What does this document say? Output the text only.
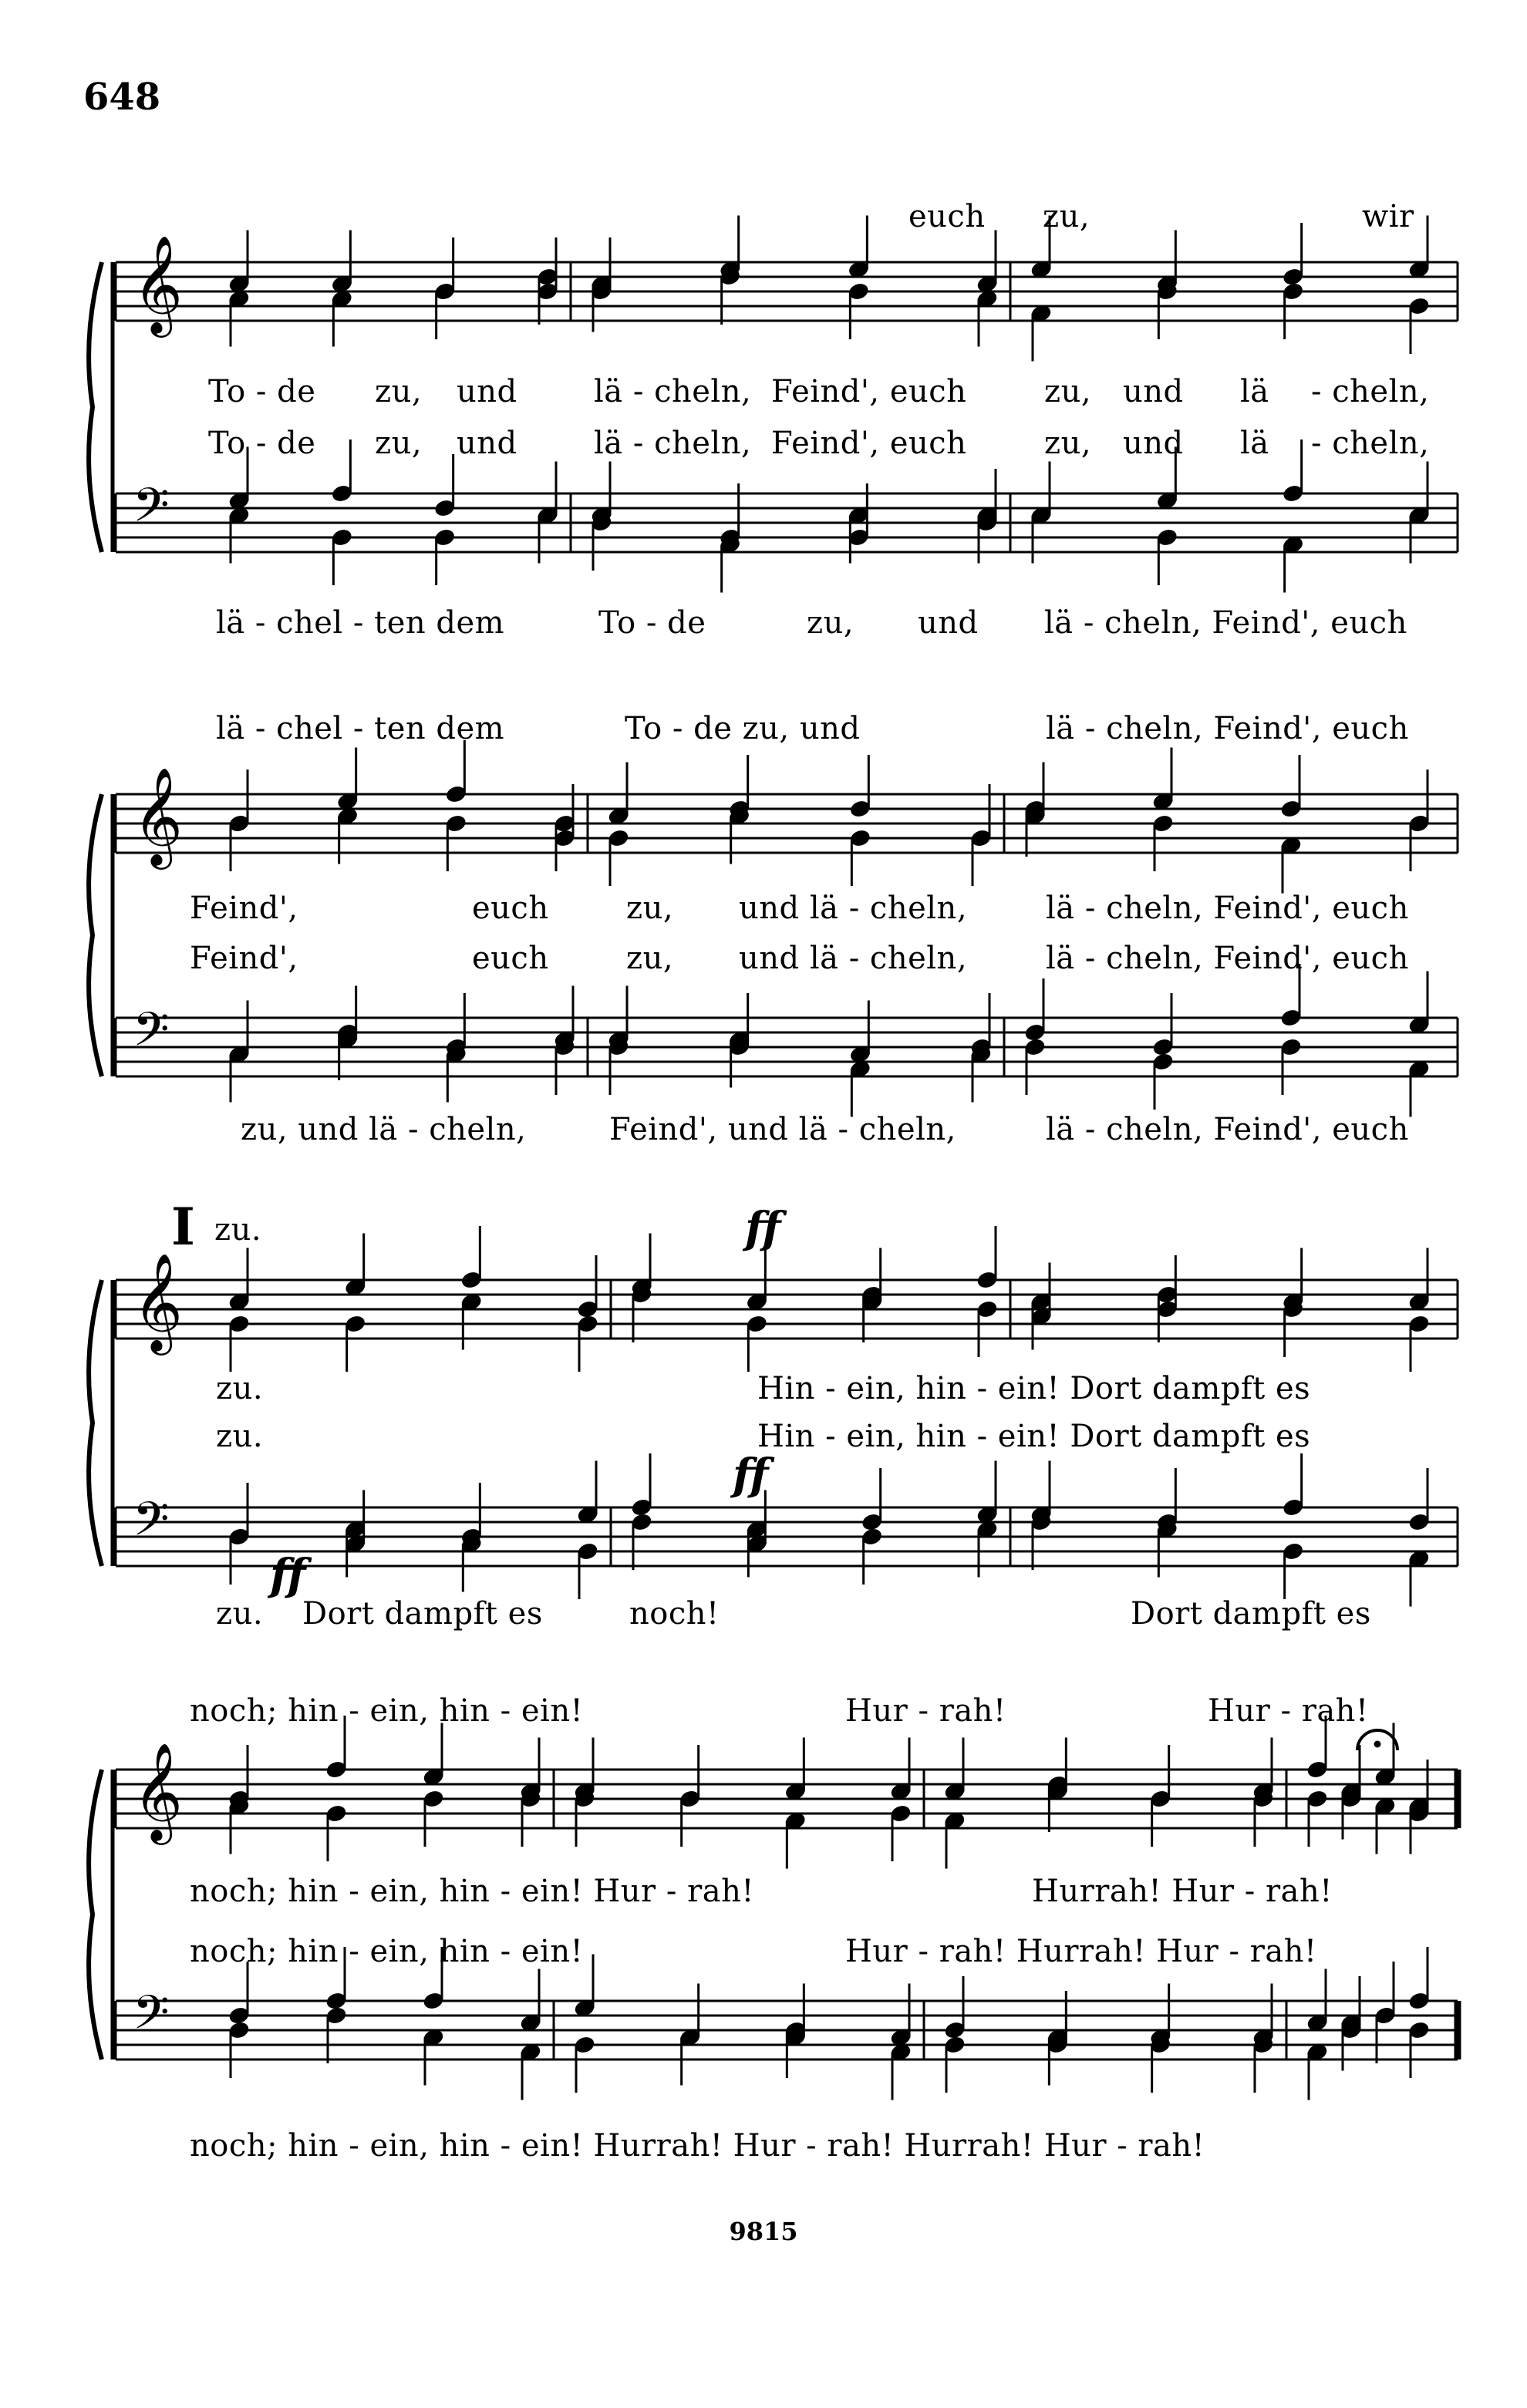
648
9815
I
𝄞
𝄢
𝄞
𝄢
𝄞
𝄢
𝄞
𝄢
euch zu,	wir
To - de zu, und lä - cheln, Feind', euch	zu, und lä - cheln,
To - de zu, und lä - cheln, Feind', euch	zu, und lä - cheln,
lä - chel - ten dem	To - de	zu, und lä - cheln, Feind', euch
lä - chel - ten dem	To - de zu, und	lä - cheln, Feind', euch
Feind',	euch	zu, und lä - cheln,	lä - cheln, Feind', euch
Feind',	euch	zu, und lä - cheln,	lä - cheln, Feind', euch
zu, und lä - cheln,	Feind', und lä - cheln,	lä - cheln, Feind', euch
zu.	ff
zu.	Hin - ein, hin - ein! Dort dampft es
zu.	Hin - ein, hin - ein! Dort dampft es
ff
ff
zu. Dort dampft es	noch!	Dort dampft es
noch; hin - ein, hin - ein!	Hur - rah!	Hur - rah!
noch; hin - ein, hin - ein! Hur - rah!	Hurrah! Hur - rah!
noch; hin - ein, hin - ein!	Hur - rah! Hurrah! Hur - rah!
noch; hin - ein, hin - ein! Hurrah! Hur - rah! Hurrah! Hur - rah!
